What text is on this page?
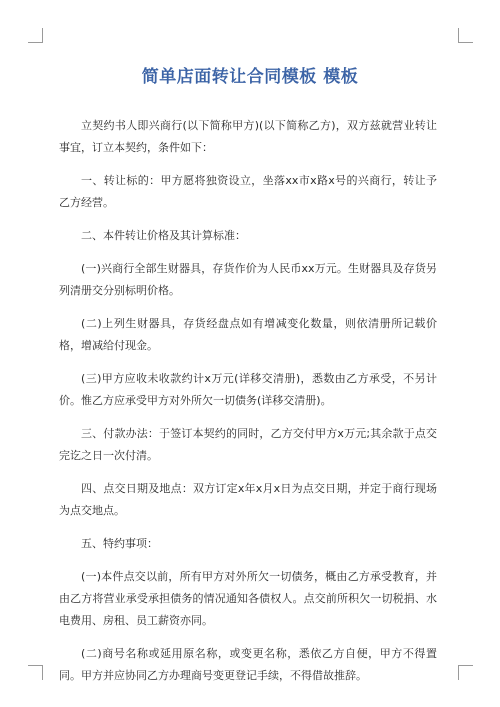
简单店面转让合同模板 模板

立契约书人即兴商行(以下简称甲方)(以下简称乙方)，双方兹就营业转让事宜，订立本契约，条件如下：

一、转让标的：甲方愿将独资设立，坐落xx市x路x号的兴商行，转让予乙方经营。

二、本件转让价格及其计算标准：

(一)兴商行全部生财器具，存货作价为人民币xx万元。生财器具及存货另列清册交分别标明价格。

(二)上列生财器具，存货经盘点如有增减变化数量，则依清册所记载价格，增减给付现金。

(三)甲方应收未收款约计x万元(详移交清册)，悉数由乙方承受，不另计价。惟乙方应承受甲方对外所欠一切债务(详移交清册)。

三、付款办法：于签订本契约的同时，乙方交付甲方x万元;其余款于点交完讫之日一次付清。

四、点交日期及地点：双方订定x年x月x日为点交日期，并定于商行现场为点交地点。

五、特约事项：

(一)本件点交以前，所有甲方对外所欠一切债务，概由乙方承受教育，并由乙方将营业承受承担债务的情况通知各债权人。点交前所积欠一切税捐、水电费用、房租、员工薪资亦同。

(二)商号名称或延用原名称，或变更名称，悉依乙方自便，甲方不得置同。甲方并应协同乙方办理商号变更登记手续，不得借故推辞。
